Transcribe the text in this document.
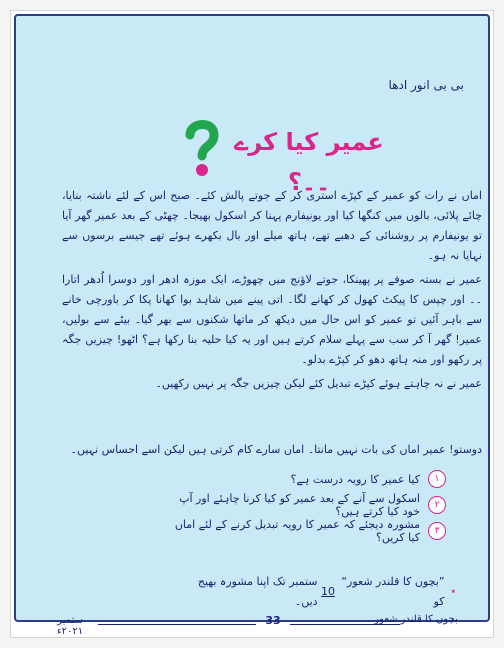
بی بی انور ادھا
عمیر کیا کرے ۔۔؟

اماں نے رات کو عمیر کے کپڑے استری کر کے جوتے پالش کئے۔ صبح اس کے لئے ناشتہ بنایا، چائے پلائی، بالوں میں کنگھا کیا اور یونیفارم پہنا کر اسکول بھیجا۔ چھٹی کے بعد عمیر گھر آیا تو یونیفارم پر روشنائی کے دھبے تھے، ہاتھ میلے اور بال بکھرے ہوئے تھے جیسے برسوں سے نہایا نہ ہو۔

عمیر نے بستہ صوفے پر پھینکا، جوتے لاؤنج میں چھوڑے، ایک موزہ ادھر اور دوسرا اُدھر اتارا ۔۔ اور چپس کا پیکٹ کھول کر کھانے لگا۔ اتی پینے میں شاہد بوا کھانا پکا کر باورچی خانے سے باہر آئیں تو عمیر کو اس حال میں دیکھ کر ماتھا شکنوں سے بھر گیا۔ بیٹے سے بولیں، عمیر! گھر آ کر سب سے پہلے سلام کرتے ہیں اور یہ کیا حلیہ بنا رکھا ہے؟ اٹھو! چیزیں جگہ پر رکھو اور منہ ہاتھ دھو کر کپڑے بدلو۔

عمیر نے نہ چاہتے ہوئے کپڑے تبدیل کئے لیکن چیزیں جگہ پر نہیں رکھیں۔

دوستو! عمیر اماں کی بات نہیں مانتا۔ اماں سارے کام کرتی ہیں لیکن اسے احساس نہیں۔
۱
کیا عمیر کا رویہ درست ہے؟
۲
اسکول سے آنے کے بعد عمیر کو کیا کرنا چاہئے اور آپ خود کیا کرتے ہیں؟
۳
مشورہ دیجئے کہ عمیر کا رویہ تبدیل کرنے کے لئے اماں کیا کریں؟
٭
”بچوں کا قلندر شعور“ کو

10

ستمبر تک اپنا مشورہ بھیج دیں۔
ستمبر ۲۰۲۱ء
33	بچوں کا قلندر شعور
